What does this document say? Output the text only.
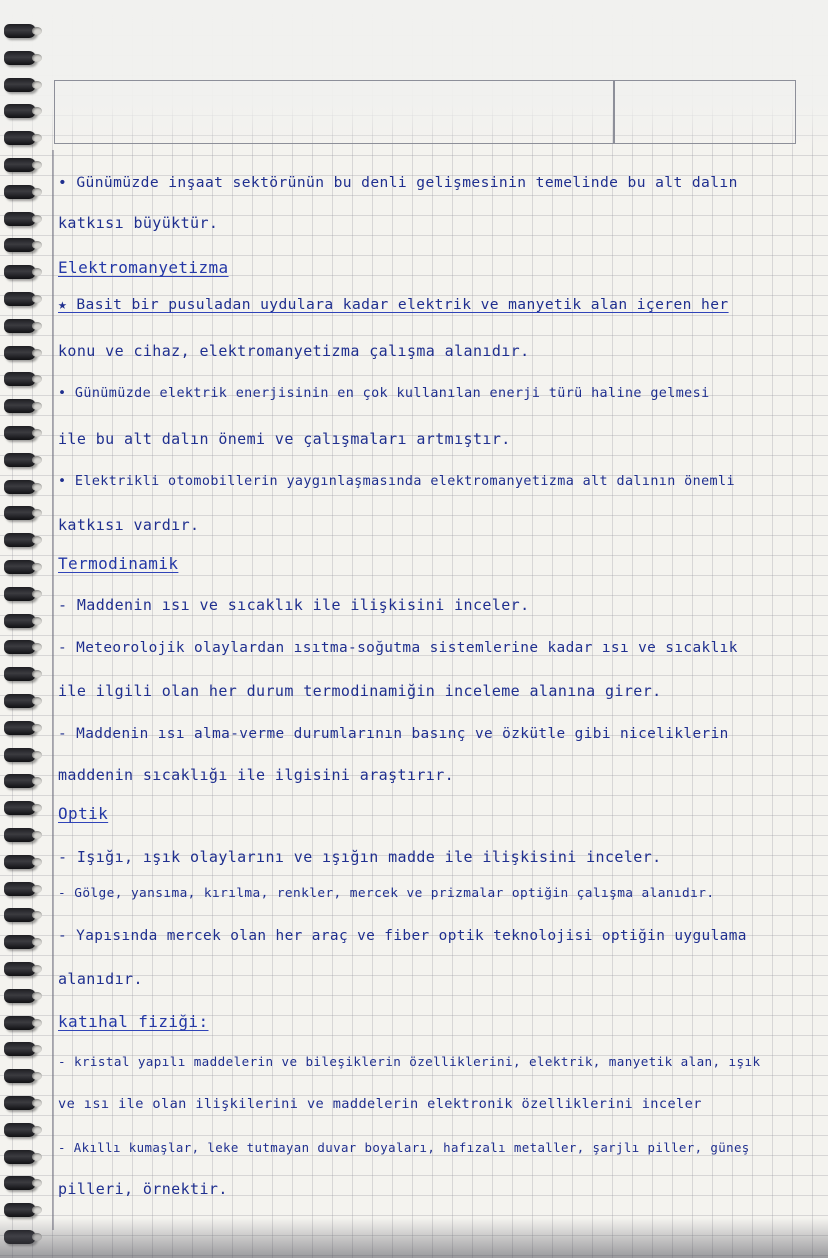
• Günümüzde inşaat sektörünün bu denli gelişmesinin temelinde bu alt dalın
katkısı büyüktür.
Elektromanyetizma
★ Basit bir pusuladan uydulara kadar elektrik ve manyetik alan içeren her
konu ve cihaz, elektromanyetizma çalışma alanıdır.
• Günümüzde elektrik enerjisinin en çok kullanılan enerji türü haline gelmesi
ile bu alt dalın önemi ve çalışmaları artmıştır.
• Elektrikli otomobillerin yaygınlaşmasında elektromanyetizma alt dalının önemli
katkısı vardır.
Termodinamik
- Maddenin ısı ve sıcaklık ile ilişkisini inceler.
- Meteorolojik olaylardan ısıtma-soğutma sistemlerine kadar ısı ve sıcaklık
ile ilgili olan her durum termodinamiğin inceleme alanına girer.
- Maddenin ısı alma-verme durumlarının basınç ve özkütle gibi niceliklerin
maddenin sıcaklığı ile ilgisini araştırır.
Optik
- Işığı, ışık olaylarını ve ışığın madde ile ilişkisini inceler.
- Gölge, yansıma, kırılma, renkler, mercek ve prizmalar optiğin çalışma alanıdır.
- Yapısında mercek olan her araç ve fiber optik teknolojisi optiğin uygulama
alanıdır.
katıhal fiziği:
- kristal yapılı maddelerin ve bileşiklerin özelliklerini, elektrik, manyetik alan, ışık
ve ısı ile olan ilişkilerini ve maddelerin elektronik özelliklerini inceler
- Akıllı kumaşlar, leke tutmayan duvar boyaları, hafızalı metaller, şarjlı piller, güneş
pilleri, örnektir.
